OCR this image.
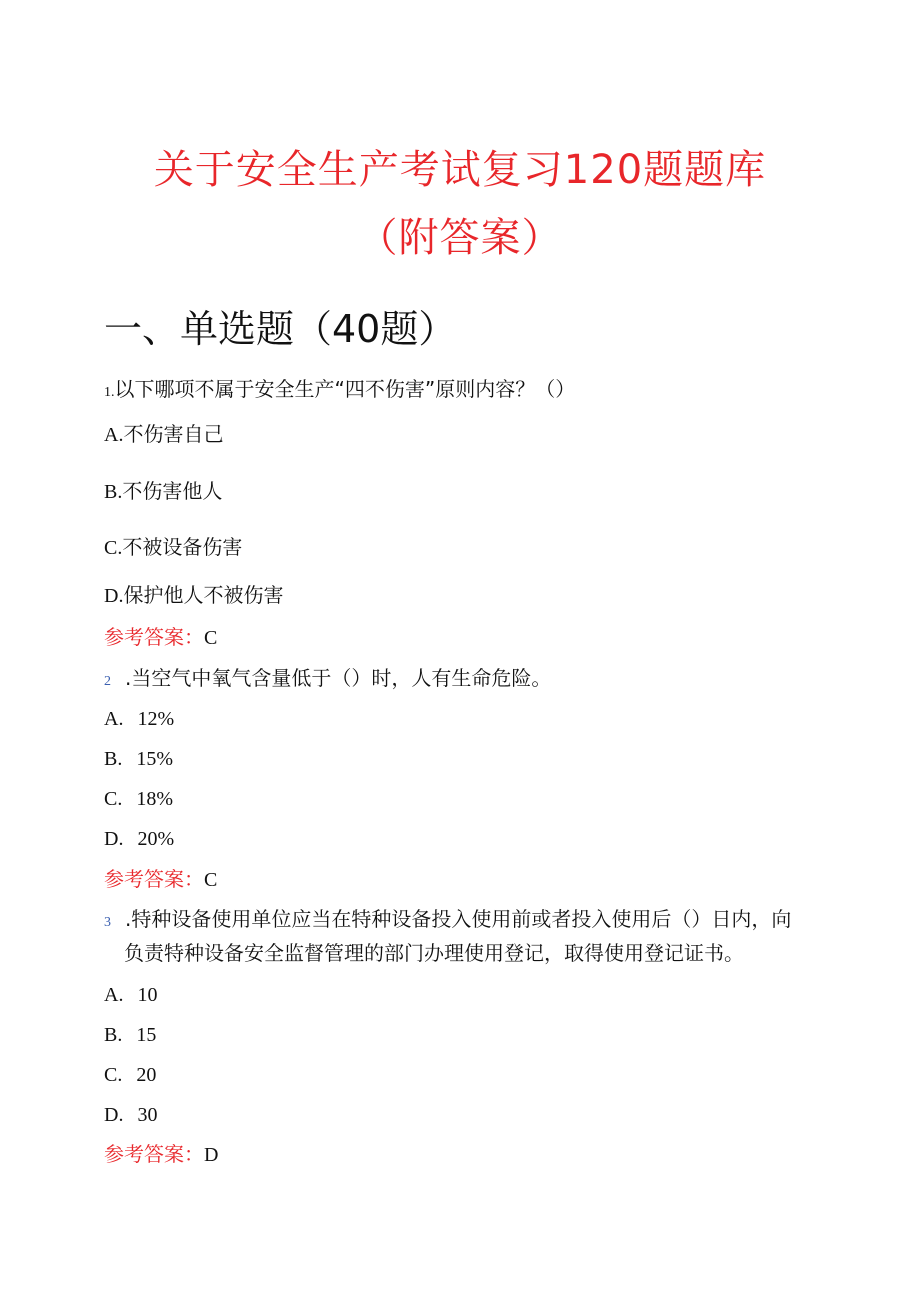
关于安全生产考试复习120题题库
（附答案）
一、单选题（40题）
1.以下哪项不属于安全生产“四不伤害”原则内容？（）
A.不伤害自己
B.不伤害他人
C.不被设备伤害
D.保护他人不被伤害
参考答案：C
2 .当空气中氧气含量低于（）时，人有生命危险。
A. 12%
B. 15%
C. 18%
D. 20%
参考答案：C
3 .特种设备使用单位应当在特种设备投入使用前或者投入使用后（）日内，向
负责特种设备安全监督管理的部门办理使用登记，取得使用登记证书。
A. 10
B. 15
C. 20
D. 30
参考答案：D
